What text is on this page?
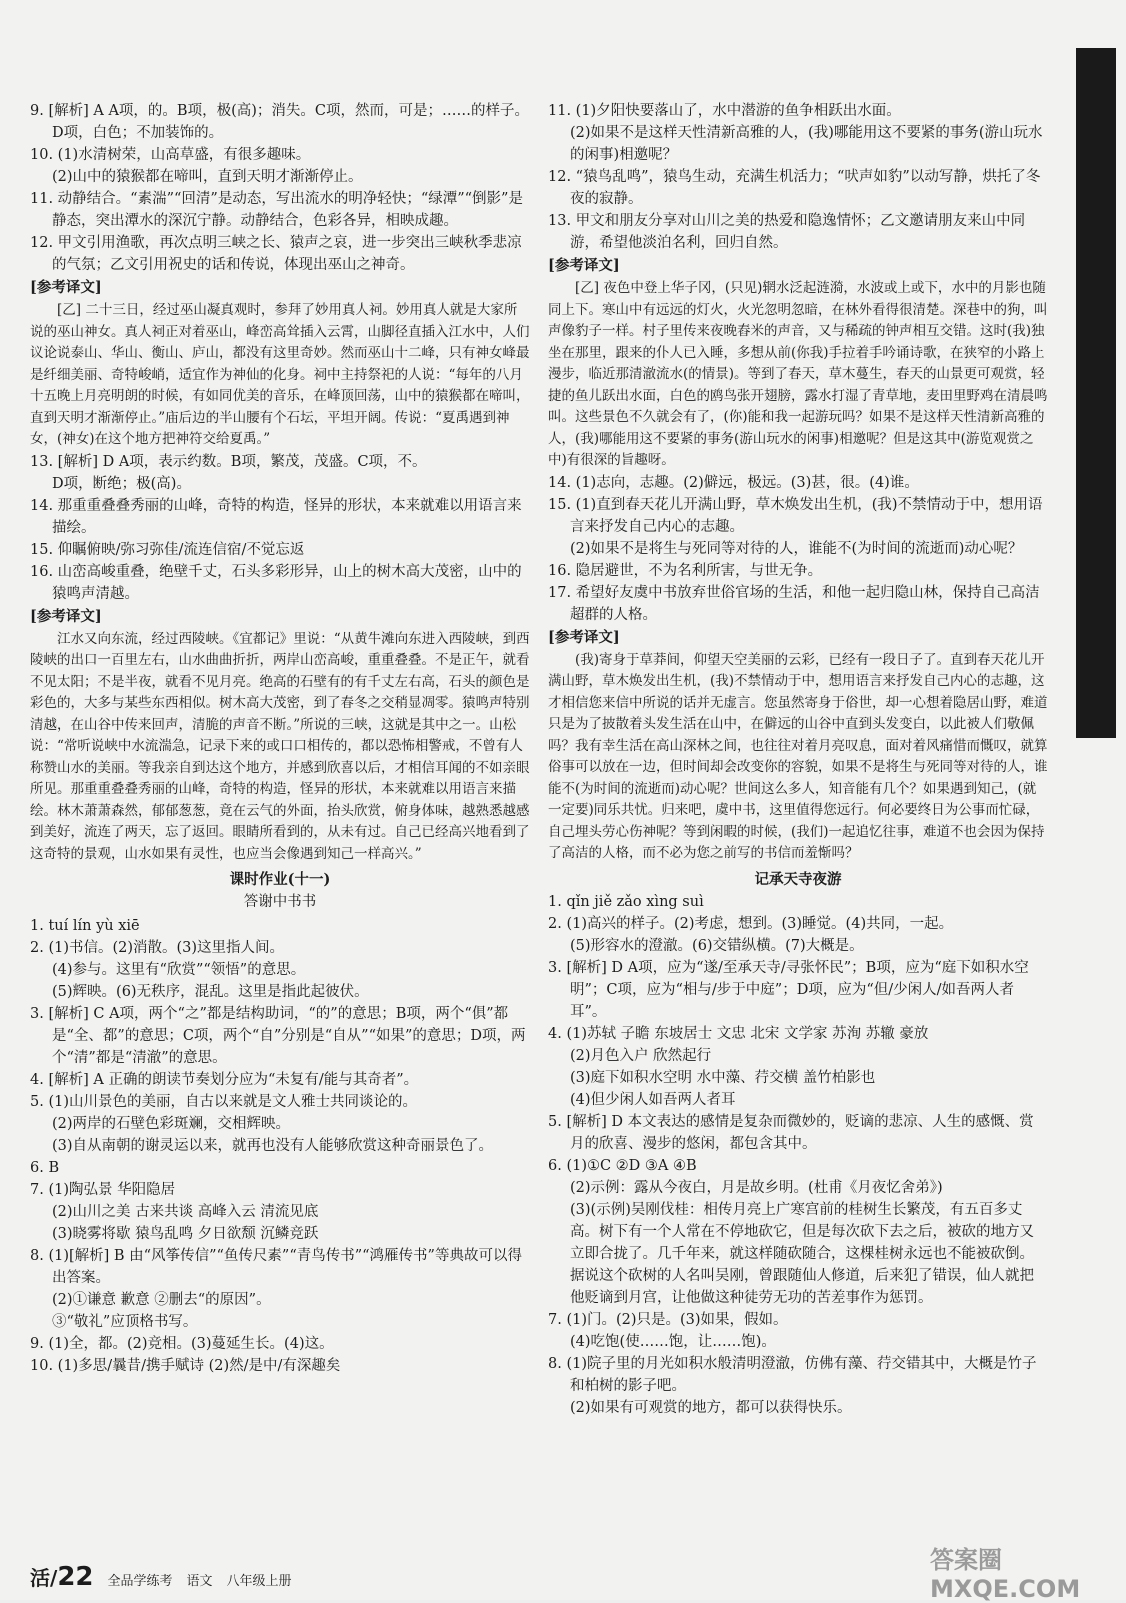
9. [解析] A A项，的。B项，极(高)；消失。C项，然而，可是；……的样子。D项，白色；不加装饰的。

10. (1)水清树荣，山高草盛，有很多趣味。

(2)山中的猿猴都在啼叫，直到天明才渐渐停止。

11. 动静结合。“素湍”“回清”是动态，写出流水的明净轻快；“绿潭”“倒影”是静态，突出潭水的深沉宁静。动静结合，色彩各异，相映成趣。

12. 甲文引用渔歌，再次点明三峡之长、猿声之哀，进一步突出三峡秋季悲凉的气氛；乙文引用祝史的话和传说，体现出巫山之神奇。

[参考译文]

[乙] 二十三日，经过巫山凝真观时，参拜了妙用真人祠。妙用真人就是大家所说的巫山神女。真人祠正对着巫山，峰峦高耸插入云霄，山脚径直插入江水中，人们议论说泰山、华山、衡山、庐山，都没有这里奇妙。然而巫山十二峰，只有神女峰最是纤细美丽、奇特峻峭，适宜作为神仙的化身。祠中主持祭祀的人说：“每年的八月十五晚上月亮明朗的时候，有如同优美的音乐，在峰顶回荡，山中的猿猴都在啼叫，直到天明才渐渐停止。”庙后边的半山腰有个石坛，平坦开阔。传说：“夏禹遇到神女，(神女)在这个地方把神符交给夏禹。”

13. [解析] D A项，表示约数。B项，繁茂，茂盛。C项，不。

D项，断绝；极(高)。

14. 那重重叠叠秀丽的山峰，奇特的构造，怪异的形状，本来就难以用语言来描绘。

15. 仰瞩俯映/弥习弥佳/流连信宿/不觉忘返

16. 山峦高峻重叠，绝壁千丈，石头多彩形异，山上的树木高大茂密，山中的猿鸣声清越。

[参考译文]

江水又向东流，经过西陵峡。《宜都记》里说：“从黄牛滩向东进入西陵峡，到西陵峡的出口一百里左右，山水曲曲折折，两岸山峦高峻，重重叠叠。不是正午，就看不见太阳；不是半夜，就看不见月亮。绝高的石壁有的有千丈左右高，石头的颜色是彩色的，大多与某些东西相似。树木高大茂密，到了春冬之交稍显凋零。猿鸣声特别清越，在山谷中传来回声，清脆的声音不断。”所说的三峡，这就是其中之一。山松说：“常听说峡中水流湍急，记录下来的或口口相传的，都以恐怖相警戒，不曾有人称赞山水的美丽。等我亲自到达这个地方，并感到欣喜以后，才相信耳闻的不如亲眼所见。那重重叠叠秀丽的山峰，奇特的构造，怪异的形状，本来就难以用语言来描绘。林木萧萧森然，郁郁葱葱，竟在云气的外面，抬头欣赏，俯身体味，越熟悉越感到美好，流连了两天，忘了返回。眼睛所看到的，从未有过。自己已经高兴地看到了这奇特的景观，山水如果有灵性，也应当会像遇到知己一样高兴。”

课时作业(十一)

答谢中书书

1. tuí lín yù xiē

2. (1)书信。(2)消散。(3)这里指人间。

(4)参与。这里有“欣赏”“领悟”的意思。

(5)辉映。(6)无秩序，混乱。这里是指此起彼伏。

3. [解析] C A项，两个“之”都是结构助词，“的”的意思；B项，两个“俱”都是“全、都”的意思；C项，两个“自”分别是“自从”“如果”的意思；D项，两个“清”都是“清澈”的意思。

4. [解析] A 正确的朗读节奏划分应为“未复有/能与其奇者”。

5. (1)山川景色的美丽，自古以来就是文人雅士共同谈论的。

(2)两岸的石壁色彩斑斓，交相辉映。

(3)自从南朝的谢灵运以来，就再也没有人能够欣赏这种奇丽景色了。

6. B

7. (1)陶弘景 华阳隐居

(2)山川之美 古来共谈 高峰入云 清流见底

(3)晓雾将歇 猿鸟乱鸣 夕日欲颓 沉鳞竞跃

8. (1)[解析] B 由“风筝传信”“鱼传尺素”“青鸟传书”“鸿雁传书”等典故可以得出答案。

(2)①谦意 歉意 ②删去“的原因”。

③“敬礼”应顶格书写。

9. (1)全，都。(2)竞相。(3)蔓延生长。(4)这。

10. (1)多思/曩昔/携手赋诗 (2)然/是中/有深趣矣

11. (1)夕阳快要落山了，水中潜游的鱼争相跃出水面。

(2)如果不是这样天性清新高雅的人，(我)哪能用这不要紧的事务(游山玩水的闲事)相邀呢？

12. “猿鸟乱鸣”，猿鸟生动，充满生机活力；“吠声如豹”以动写静，烘托了冬夜的寂静。

13. 甲文和朋友分享对山川之美的热爱和隐逸情怀；乙文邀请朋友来山中同游，希望他淡泊名利，回归自然。

[参考译文]

[乙] 夜色中登上华子冈，(只见)辋水泛起涟漪，水波或上或下，水中的月影也随同上下。寒山中有远远的灯火，火光忽明忽暗，在林外看得很清楚。深巷中的狗，叫声像豹子一样。村子里传来夜晚舂米的声音，又与稀疏的钟声相互交错。这时(我)独坐在那里，跟来的仆人已入睡，多想从前(你我)手拉着手吟诵诗歌，在狭窄的小路上漫步，临近那清澈流水(的情景)。等到了春天，草木蔓生，春天的山景更可观赏，轻捷的鱼儿跃出水面，白色的鸥鸟张开翅膀，露水打湿了青草地，麦田里野鸡在清晨鸣叫。这些景色不久就会有了，(你)能和我一起游玩吗？如果不是这样天性清新高雅的人，(我)哪能用这不要紧的事务(游山玩水的闲事)相邀呢？但是这其中(游览观赏之中)有很深的旨趣呀。

14. (1)志向，志趣。(2)僻远，极远。(3)甚，很。(4)谁。

15. (1)直到春天花儿开满山野，草木焕发出生机，(我)不禁情动于中，想用语言来抒发自己内心的志趣。

(2)如果不是将生与死同等对待的人，谁能不(为时间的流逝而)动心呢？

16. 隐居避世，不为名利所害，与世无争。

17. 希望好友虞中书放弃世俗官场的生活，和他一起归隐山林，保持自己高洁超群的人格。

[参考译文]

(我)寄身于草莽间，仰望天空美丽的云彩，已经有一段日子了。直到春天花儿开满山野，草木焕发出生机，(我)不禁情动于中，想用语言来抒发自己内心的志趣，这才相信您来信中所说的话并无虚言。您虽然寄身于俗世，却一心想着隐居山野，难道只是为了披散着头发生活在山中，在僻远的山谷中直到头发变白，以此被人们敬佩吗？我有幸生活在高山深林之间，也往往对着月亮叹息，面对着风痛惜而慨叹，就算俗事可以放在一边，但时间却会改变你的容貌，如果不是将生与死同等对待的人，谁能不(为时间的流逝而)动心呢？世间这么多人，知音能有几个？如果遇到知己，(就一定要)同乐共忧。归来吧，虞中书，这里值得您远行。何必要终日为公事而忙碌，自己埋头劳心伤神呢？等到闲暇的时候，(我们)一起追忆往事，难道不也会因为保持了高洁的人格，而不必为您之前写的书信而羞惭吗？

记承天寺夜游

1. qǐn jiě zǎo xìng suì

2. (1)高兴的样子。(2)考虑，想到。(3)睡觉。(4)共同，一起。

(5)形容水的澄澈。(6)交错纵横。(7)大概是。

3. [解析] D A项，应为“遂/至承天寺/寻张怀民”；B项，应为“庭下如积水空明”；C项，应为“相与/步于中庭”；D项，应为“但/少闲人/如吾两人者耳”。

4. (1)苏轼 子瞻 东坡居士 文忠 北宋 文学家 苏洵 苏辙 豪放

(2)月色入户 欣然起行

(3)庭下如积水空明 水中藻、荇交横 盖竹柏影也

(4)但少闲人如吾两人者耳

5. [解析] D 本文表达的感情是复杂而微妙的，贬谪的悲凉、人生的感慨、赏月的欣喜、漫步的悠闲，都包含其中。

6. (1)①C ②D ③A ④B

(2)示例：露从今夜白，月是故乡明。(杜甫《月夜忆舍弟》)

(3)(示例)吴刚伐桂：相传月亮上广寒宫前的桂树生长繁茂，有五百多丈高。树下有一个人常在不停地砍它，但是每次砍下去之后，被砍的地方又立即合拢了。几千年来，就这样随砍随合，这棵桂树永远也不能被砍倒。据说这个砍树的人名叫吴刚，曾跟随仙人修道，后来犯了错误，仙人就把他贬谪到月宫，让他做这种徒劳无功的苦差事作为惩罚。

7. (1)门。(2)只是。(3)如果，假如。

(4)吃饱(使……饱，让……饱)。

8. (1)院子里的月光如积水般清明澄澈，仿佛有藻、荇交错其中，大概是竹子和柏树的影子吧。

(2)如果有可观赏的地方，都可以获得快乐。

活/22 全品学练考 语文 八年级上册
答案圈 MXQE.COM
